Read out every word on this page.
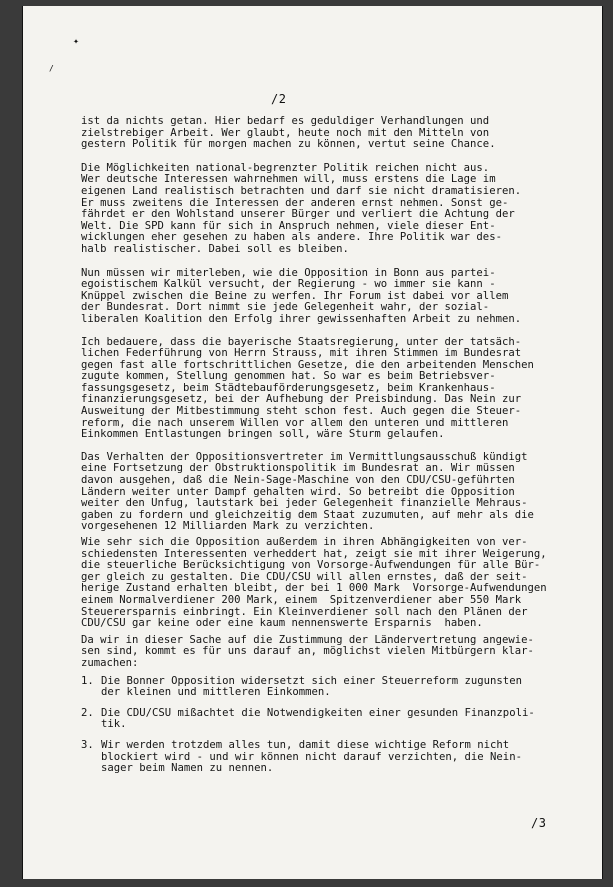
✦
/
/2

ist da nichts getan. Hier bedarf es geduldiger Verhandlungen und
zielstrebiger Arbeit. Wer glaubt, heute noch mit den Mitteln von
gestern Politik für morgen machen zu können, vertut seine Chance.

Die Möglichkeiten national-begrenzter Politik reichen nicht aus.
Wer deutsche Interessen wahrnehmen will, muss erstens die Lage im
eigenen Land realistisch betrachten und darf sie nicht dramatisieren.
Er muss zweitens die Interessen der anderen ernst nehmen. Sonst ge-
fährdet er den Wohlstand unserer Bürger und verliert die Achtung der
Welt. Die SPD kann für sich in Anspruch nehmen, viele dieser Ent-
wicklungen eher gesehen zu haben als andere. Ihre Politik war des-
halb realistischer. Dabei soll es bleiben.

Nun müssen wir miterleben, wie die Opposition in Bonn aus partei-
egoistischem Kalkül versucht, der Regierung - wo immer sie kann -
Knüppel zwischen die Beine zu werfen. Ihr Forum ist dabei vor allem
der Bundesrat. Dort nimmt sie jede Gelegenheit wahr, der sozial-
liberalen Koalition den Erfolg ihrer gewissenhaften Arbeit zu nehmen.

Ich bedauere, dass die bayerische Staatsregierung, unter der tatsäch-
lichen Federführung von Herrn Strauss, mit ihren Stimmen im Bundesrat
gegen fast alle fortschrittlichen Gesetze, die den arbeitenden Menschen
zugute kommen, Stellung genommen hat. So war es beim Betriebsver-
fassungsgesetz, beim Städtebauförderungsgesetz, beim Krankenhaus-
finanzierungsgesetz, bei der Aufhebung der Preisbindung. Das Nein zur
Ausweitung der Mitbestimmung steht schon fest. Auch gegen die Steuer-
reform, die nach unserem Willen vor allem den unteren und mittleren
Einkommen Entlastungen bringen soll, wäre Sturm gelaufen.

Das Verhalten der Oppositionsvertreter im Vermittlungsausschuß kündigt
eine Fortsetzung der Obstruktionspolitik im Bundesrat an. Wir müssen
davon ausgehen, daß die Nein-Sage-Maschine von den CDU/CSU-geführten
Ländern weiter unter Dampf gehalten wird. So betreibt die Opposition
weiter den Unfug, lautstark bei jeder Gelegenheit finanzielle Mehraus-
gaben zu fordern und gleichzeitig dem Staat zuzumuten, auf mehr als die
vorgesehenen 12 Milliarden Mark zu verzichten.

Wie sehr sich die Opposition außerdem in ihren Abhängigkeiten von ver-
schiedensten Interessenten verheddert hat, zeigt sie mit ihrer Weigerung,
die steuerliche Berücksichtigung von Vorsorge-Aufwendungen für alle Bür-
ger gleich zu gestalten. Die CDU/CSU will allen ernstes, daß der seit-
herige Zustand erhalten bleibt, der bei 1 000 Mark  Vorsorge-Aufwendungen
einem Normalverdiener 200 Mark, einem  Spitzenverdiener aber 550 Mark
Steuerersparnis einbringt. Ein Kleinverdiener soll nach den Plänen der
CDU/CSU gar keine oder eine kaum nennenswerte Ersparnis  haben.

Da wir in dieser Sache auf die Zustimmung der Ländervertretung angewie-
sen sind, kommt es für uns darauf an, möglichst vielen Mitbürgern klar-
zumachen:

1. Die Bonner Opposition widersetzt sich einer Steuerreform zugunsten
der kleinen und mittleren Einkommen.
2. Die CDU/CSU mißachtet die Notwendigkeiten einer gesunden Finanzpoli-
tik.
3. Wir werden trotzdem alles tun, damit diese wichtige Reform nicht
blockiert wird - und wir können nicht darauf verzichten, die Nein-
sager beim Namen zu nennen.
/3
